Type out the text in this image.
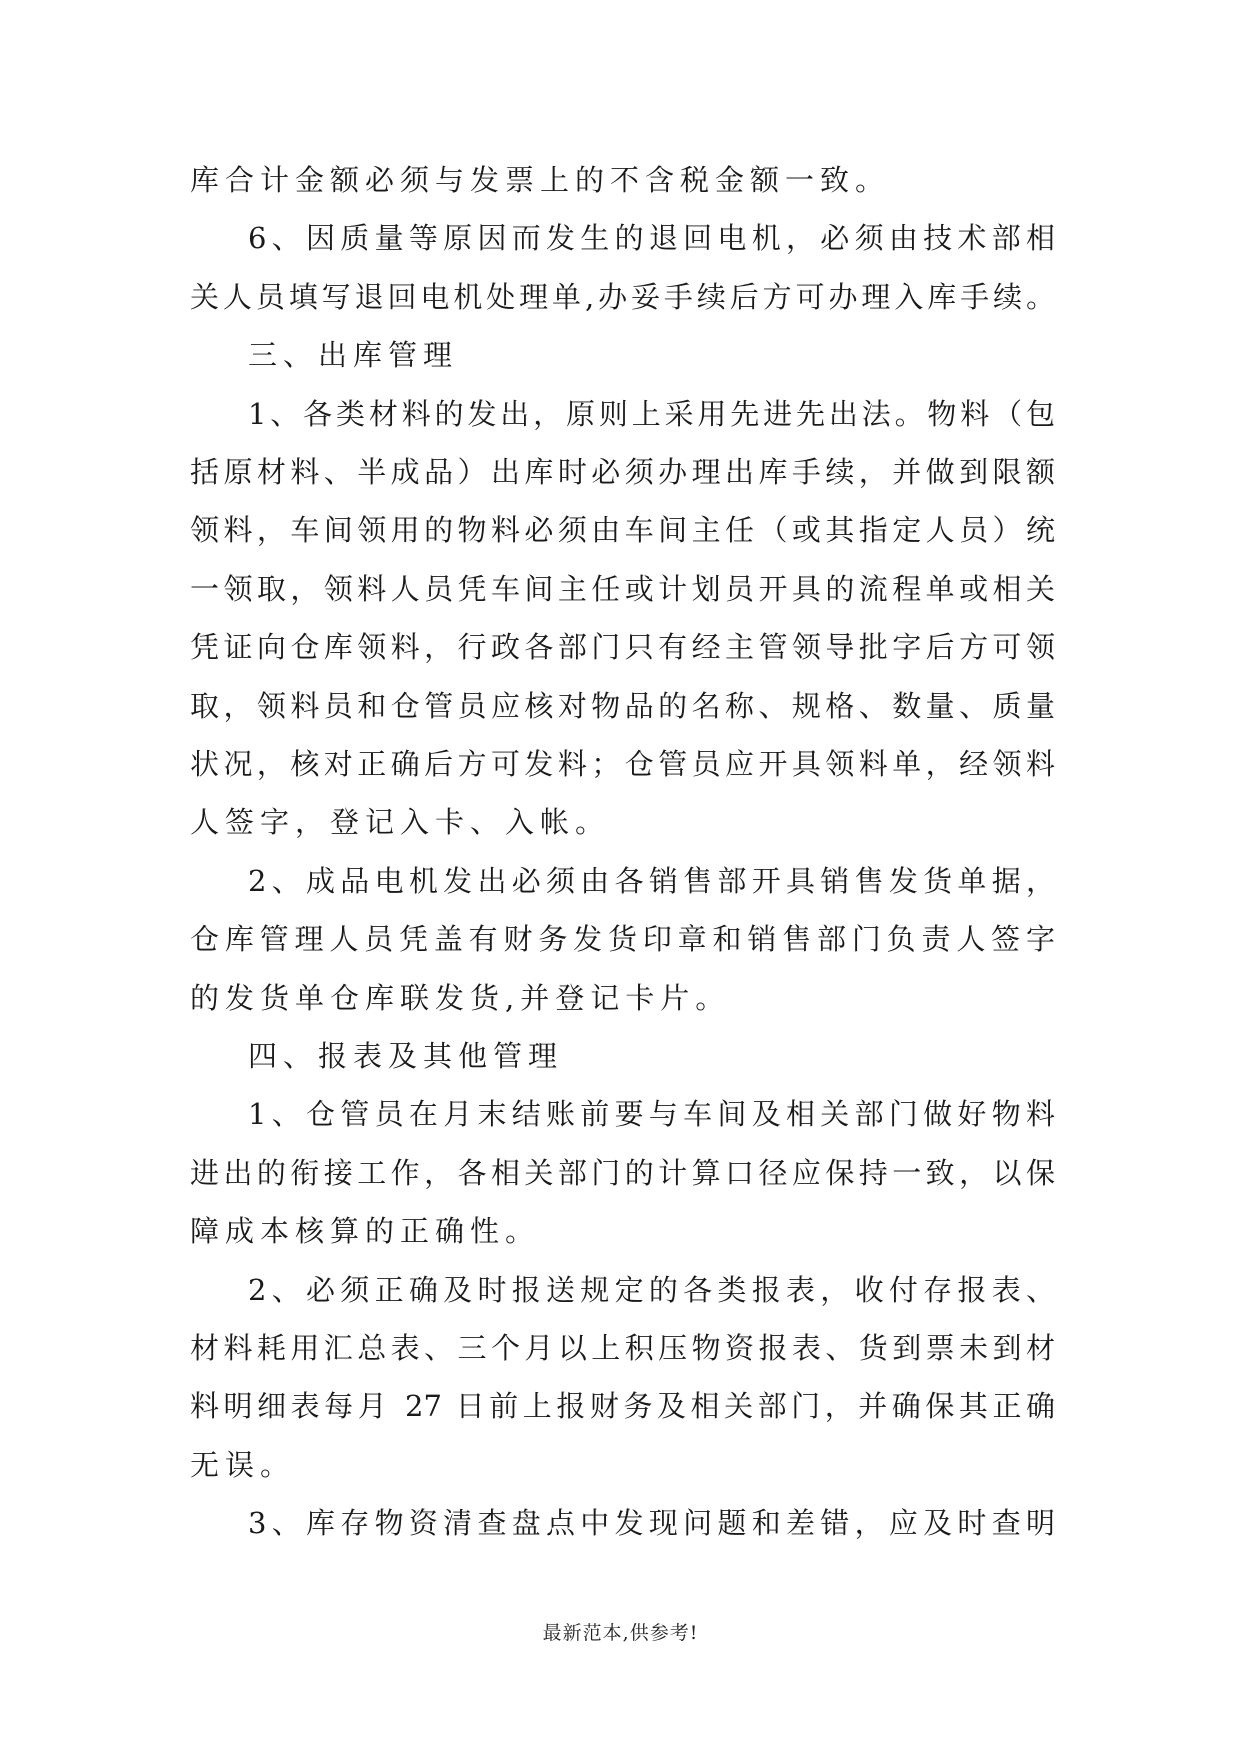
库合计金额必须与发票上的不含税金额一致。
6、因质量等原因而发生的退回电机，必须由技术部相
关人员填写退回电机处理单,办妥手续后方可办理入库手续。
三、出库管理
1、各类材料的发出，原则上采用先进先出法。物料（包
括原材料、半成品）出库时必须办理出库手续，并做到限额
领料，车间领用的物料必须由车间主任（或其指定人员）统
一领取，领料人员凭车间主任或计划员开具的流程单或相关
凭证向仓库领料，行政各部门只有经主管领导批字后方可领
取，领料员和仓管员应核对物品的名称、规格、数量、质量
状况，核对正确后方可发料；仓管员应开具领料单，经领料
人签字，登记入卡、入帐。
2、成品电机发出必须由各销售部开具销售发货单据，
仓库管理人员凭盖有财务发货印章和销售部门负责人签字
的发货单仓库联发货,并登记卡片。
四、报表及其他管理
1、仓管员在月末结账前要与车间及相关部门做好物料
进出的衔接工作，各相关部门的计算口径应保持一致，以保
障成本核算的正确性。
2、必须正确及时报送规定的各类报表，收付存报表、
材料耗用汇总表、三个月以上积压物资报表、货到票未到材
料明细表每月 27 日前上报财务及相关部门，并确保其正确
无误。
3、库存物资清查盘点中发现问题和差错，应及时查明
最新范本,供参考!
